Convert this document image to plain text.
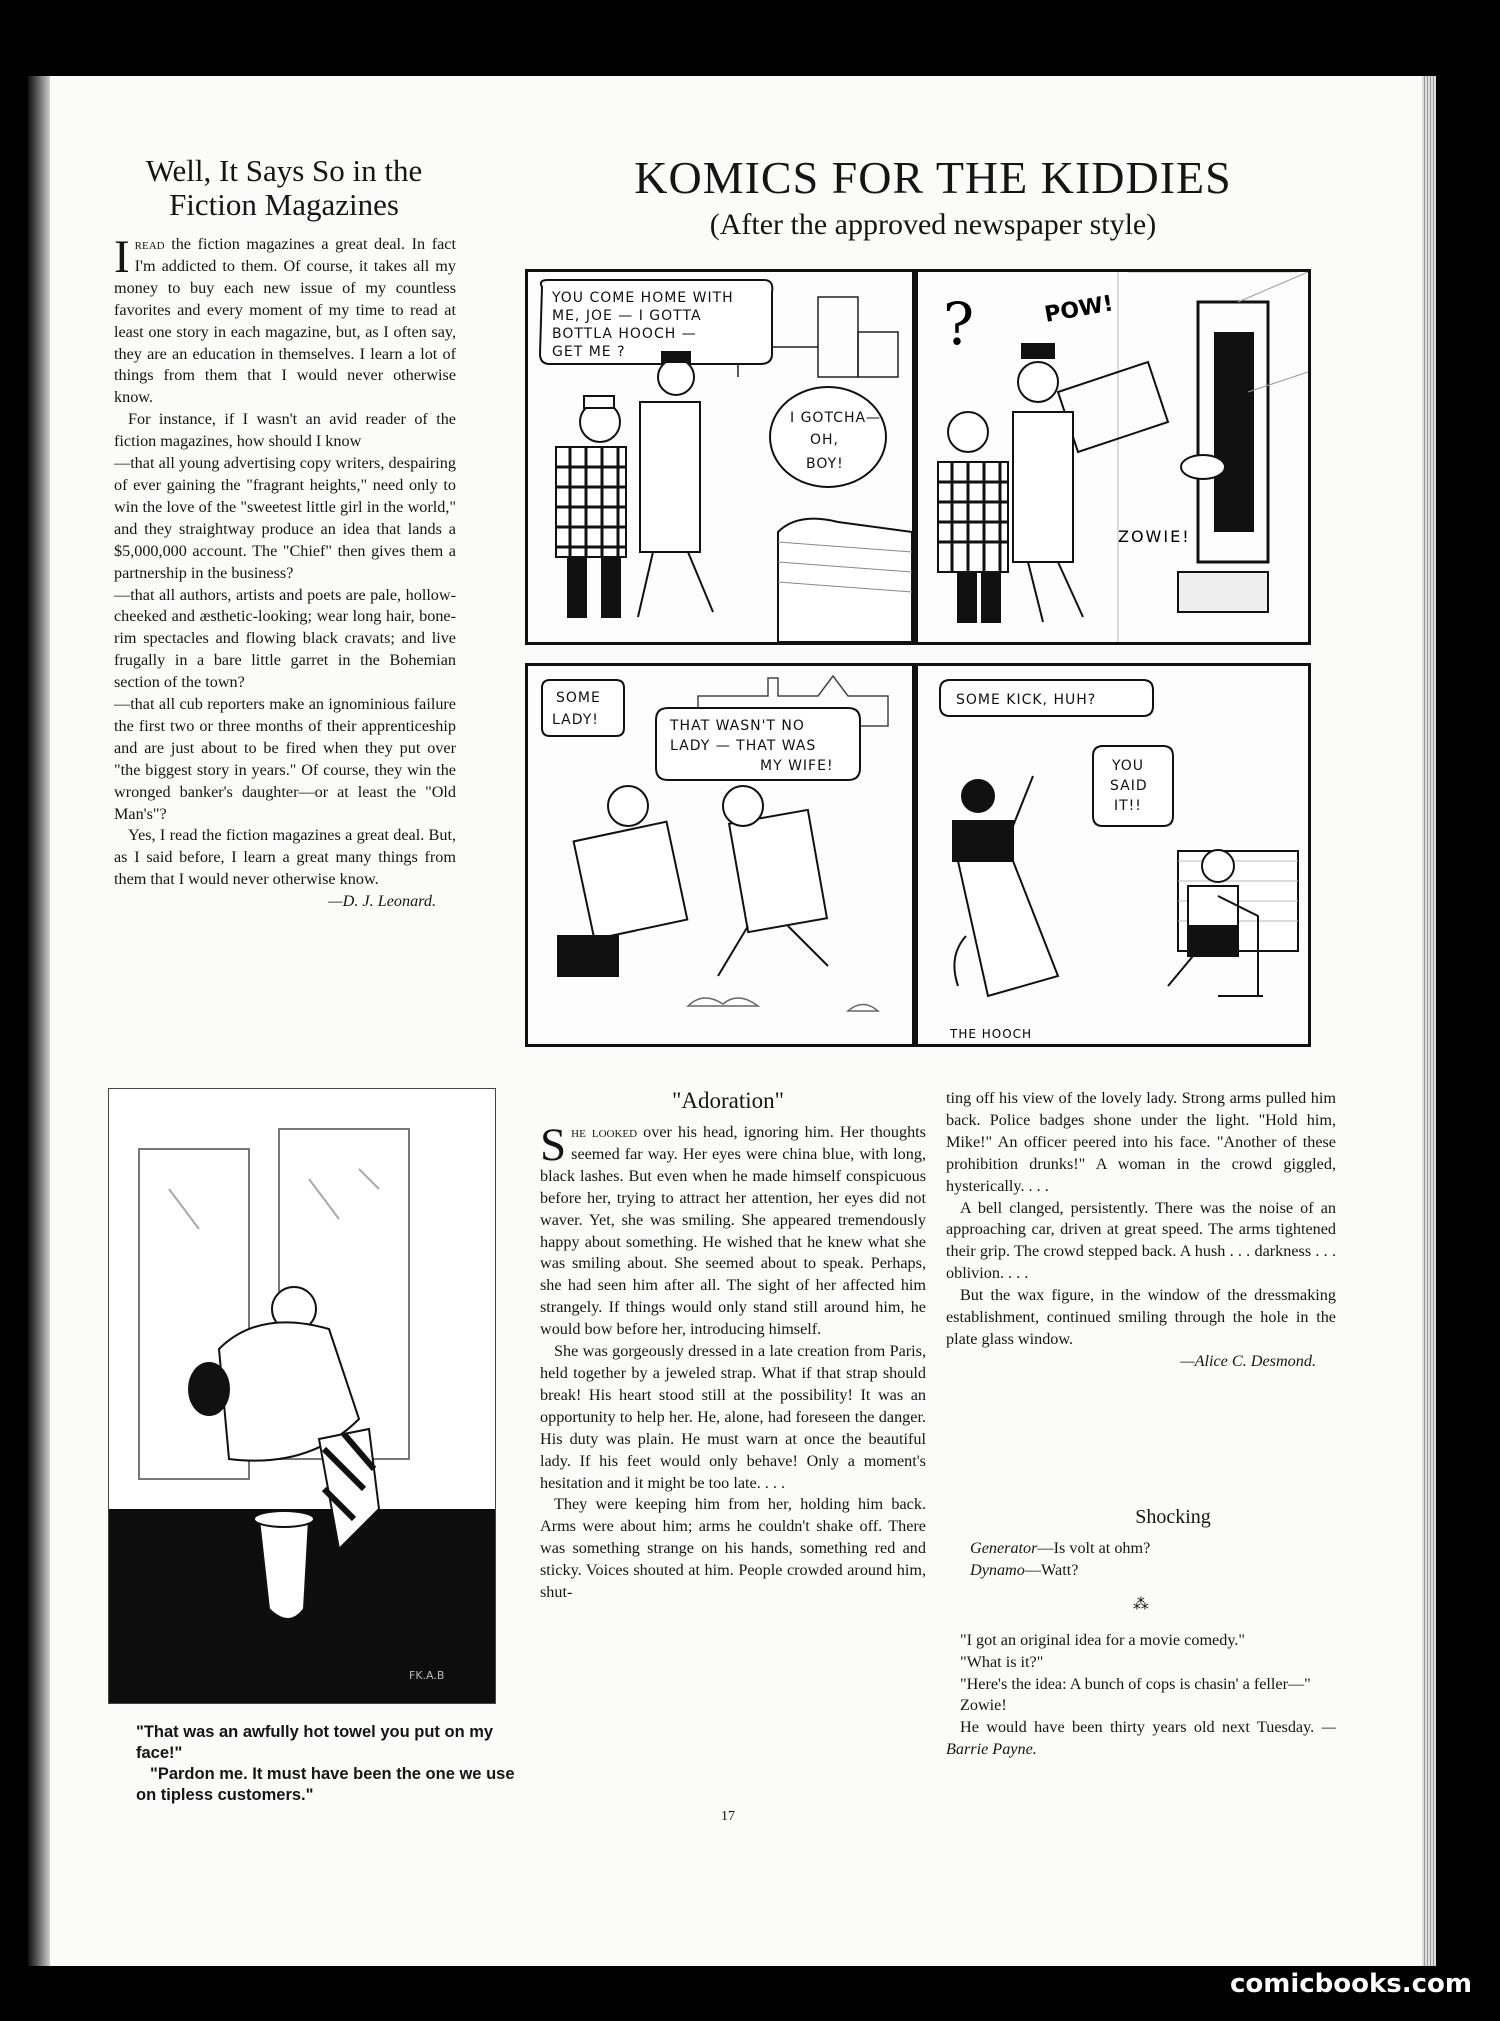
Well, It Says So in the Fiction Magazines

Iread the fiction magazines a great deal. In fact I'm addicted to them. Of course, it takes all my money to buy each new issue of my countless favorites and every moment of my time to read at least one story in each magazine, but, as I often say, they are an education in themselves. I learn a lot of things from them that I would never otherwise know.

For instance, if I wasn't an avid reader of the fiction magazines, how should I know

—that all young advertising copy writers, despairing of ever gaining the "fragrant heights," need only to win the love of the "sweetest little girl in the world," and they straightway produce an idea that lands a $5,000,000 account. The "Chief" then gives them a partnership in the business?

—that all authors, artists and poets are pale, hollow-cheeked and æsthetic-looking; wear long hair, bone-rim spectacles and flowing black cravats; and live frugally in a bare little garret in the Bohemian section of the town?

—that all cub reporters make an ignominious failure the first two or three months of their apprenticeship and are just about to be fired when they put over "the biggest story in years." Of course, they win the wronged banker's daughter—or at least the "Old Man's"?

Yes, I read the fiction magazines a great deal. But, as I said before, I learn a great many things from them that I would never otherwise know.

—D. J. Leonard.
KOMICS FOR THE KIDDIES
(After the approved newspaper style)
YOU COME HOME WITH
ME, JOE — I GOTTA
BOTTLA HOOCH —
GET ME ?
I GOTCHA—
OH,
BOY!
?	POW!
ZOWIE!
SOME
LADY!	THAT WASN'T NO
LADY — THAT WAS
MY WIFE!
SOME KICK, HUH?
YOU
SAID
IT!!
THE HOOCH
FK.A.B
"That was an awfully hot towel you put on my face!"
"Pardon me. It must have been the one we use on tipless customers."
"Adoration"

She looked over his head, ignoring him. Her thoughts seemed far way. Her eyes were china blue, with long, black lashes. But even when he made himself conspicuous before her, trying to attract her attention, her eyes did not waver. Yet, she was smiling. She appeared tremendously happy about something. He wished that he knew what she was smiling about. She seemed about to speak. Perhaps, she had seen him after all. The sight of her affected him strangely. If things would only stand still around him, he would bow before her, introducing himself.

She was gorgeously dressed in a late creation from Paris, held together by a jeweled strap. What if that strap should break! His heart stood still at the possibility! It was an opportunity to help her. He, alone, had foreseen the danger. His duty was plain. He must warn at once the beautiful lady. If his feet would only behave! Only a moment's hesitation and it might be too late. . . .

They were keeping him from her, holding him back. Arms were about him; arms he couldn't shake off. There was something strange on his hands, something red and sticky. Voices shouted at him. People crowded around him, shut-

ting off his view of the lovely lady. Strong arms pulled him back. Police badges shone under the light. "Hold him, Mike!" An officer peered into his face. "Another of these prohibition drunks!" A woman in the crowd giggled, hysterically. . . .

A bell clanged, persistently. There was the noise of an approaching car, driven at great speed. The arms tightened their grip. The crowd stepped back. A hush . . . darkness . . . oblivion. . . .

But the wax figure, in the window of the dressmaking establishment, continued smiling through the hole in the plate glass window.

—Alice C. Desmond.
Shocking
Generator—Is volt at ohm?
Dynamo—Watt?
⁂

"I got an original idea for a movie comedy."

"What is it?"

"Here's the idea: A bunch of cops is chasin' a feller—"

Zowie!

He would have been thirty years old next Tuesday. —Barrie Payne.

17
comicbooks.com
